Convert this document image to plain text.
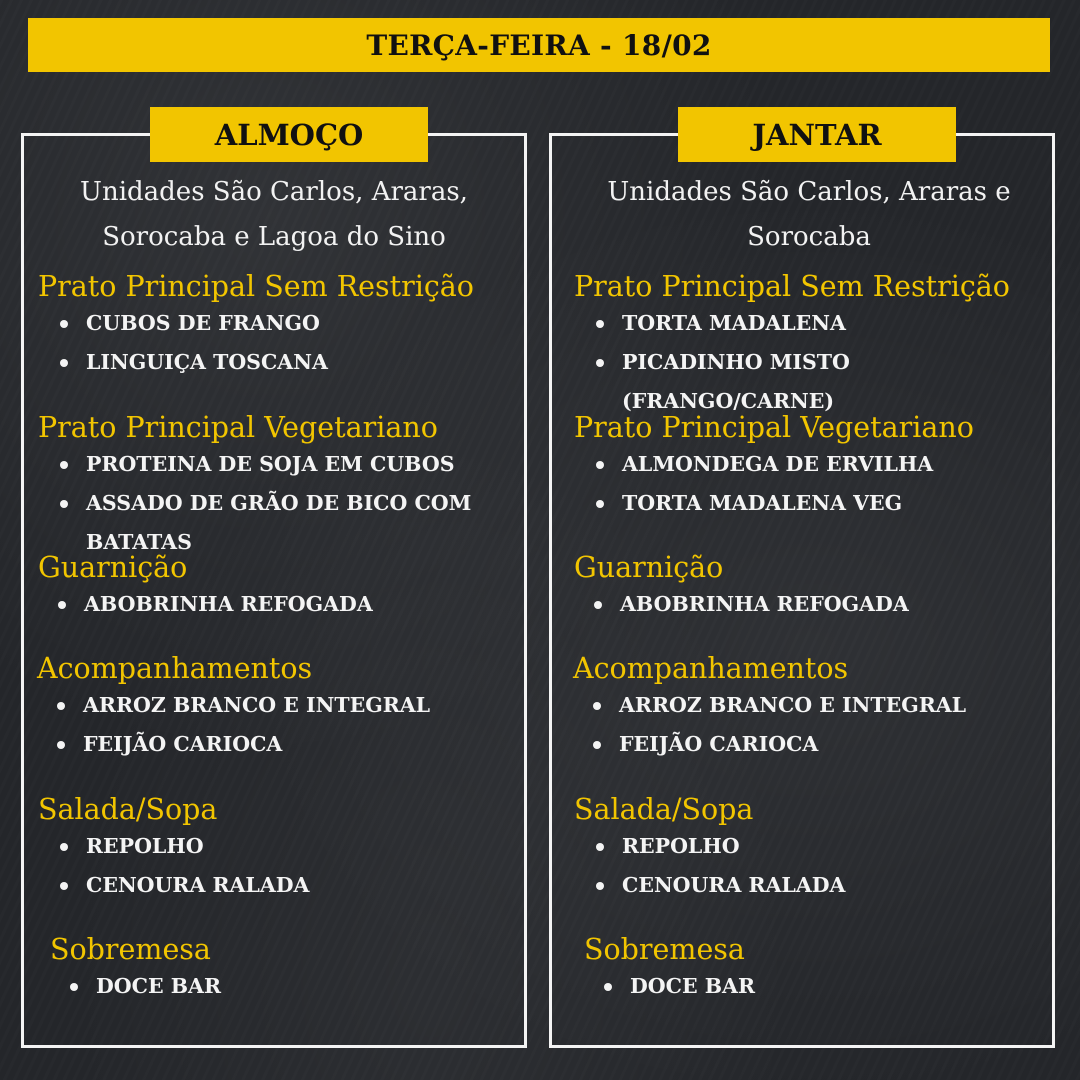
TERÇA-FEIRA - 18/02
ALMOÇO
Unidades São Carlos, Araras,
Sorocaba e Lagoa do Sino
Prato Principal Sem Restrição
CUBOS DE FRANGO
LINGUIÇA TOSCANA
Prato Principal Vegetariano
PROTEINA DE SOJA EM CUBOS
ASSADO DE GRÃO DE BICO COM
BATATAS
Guarnição
ABOBRINHA REFOGADA
Acompanhamentos
ARROZ BRANCO E INTEGRAL
FEIJÃO CARIOCA
Salada/Sopa
REPOLHO
CENOURA RALADA
Sobremesa
DOCE BAR
JANTAR
Unidades São Carlos, Araras e
Sorocaba
Prato Principal Sem Restrição
TORTA MADALENA
PICADINHO MISTO
(FRANGO/CARNE)
Prato Principal Vegetariano
ALMONDEGA DE ERVILHA
TORTA MADALENA VEG
Guarnição
ABOBRINHA REFOGADA
Acompanhamentos
ARROZ BRANCO E INTEGRAL
FEIJÃO CARIOCA
Salada/Sopa
REPOLHO
CENOURA RALADA
Sobremesa
DOCE BAR
